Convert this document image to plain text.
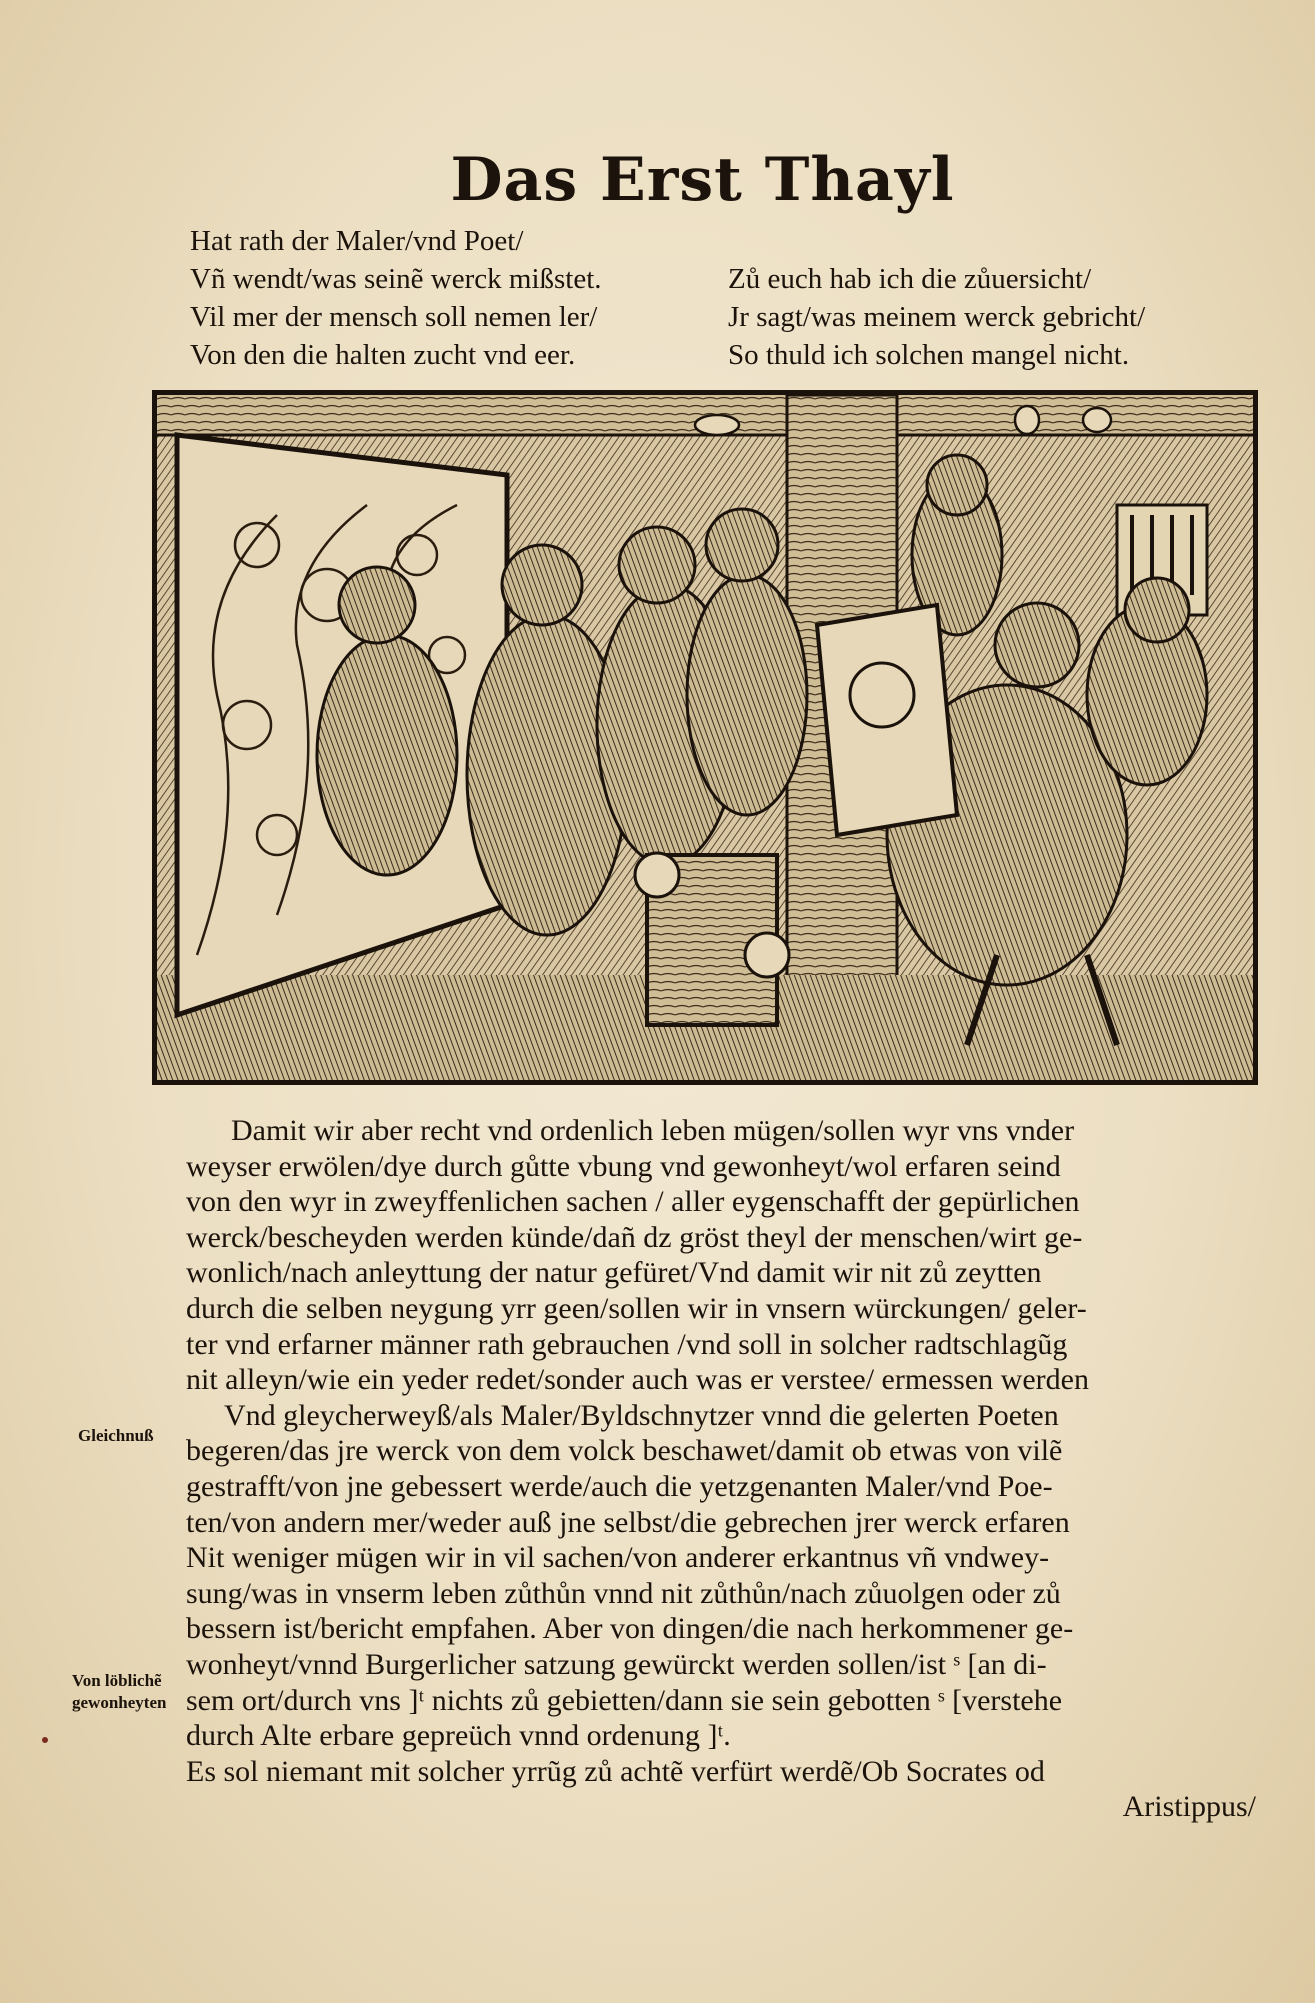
Das Erst Thayl
Hat rath der Maler/vnd Poet/
Vñ wendt/was seinẽ werck mißstet.
Vil mer der mensch soll nemen ler/
Von den die halten zucht vnd eer.
Zů euch hab ich die zůuersicht/
Jr sagt/was meinem werck gebricht/
So thuld ich solchen mangel nicht.
Damit wir aber recht vnd ordenlich leben mügen/sollen wyr vns vnder
weyser erwölen/dye durch gůtte vbung vnd gewonheyt/wol erfaren seind
von den wyr in zweyffenlichen sachen / aller eygenschafft der gepürlichen
werck/bescheyden werden künde/dañ dz gröst theyl der menschen/wirt ge-
wonlich/nach anleyttung der natur gefüret/Vnd damit wir nit zů zeytten
durch die selben neygung yrr geen/sollen wir in vnsern würckungen/ geler-
ter vnd erfarner männer rath gebrauchen /vnd soll in solcher radtschlagũg
nit alleyn/wie ein yeder redet/sonder auch was er verstee/ ermessen werden
Vnd gleycherweyß/als Maler/Byldschnytzer vnnd die gelerten Poeten
begeren/das jre werck von dem volck beschawet/damit ob etwas von vilẽ
gestrafft/von jne gebessert werde/auch die yetzgenanten Maler/vnd Poe-
ten/von andern mer/weder auß jne selbst/die gebrechen jrer werck erfaren
Nit weniger mügen wir in vil sachen/von anderer erkantnus vñ vndwey-
sung/was in vnserm leben zůthůn vnnd nit zůthůn/nach zůuolgen oder zů
bessern ist/bericht empfahen. Aber von dingen/die nach herkommener ge-
wonheyt/vnnd Burgerlicher satzung gewürckt werden sollen/ist ˢ [an di-
sem ort/durch vns ]ᵗ nichts zů gebietten/dann sie sein gebotten ˢ [verstehe
durch Alte erbare gepreüch vnnd ordenung ]ᵗ.
Es sol niemant mit solcher yrrũg zů achtẽ verfürt werdẽ/Ob Socrates od
Aristippus/
Gleichnuß
Von löblichẽ
gewonheyten
